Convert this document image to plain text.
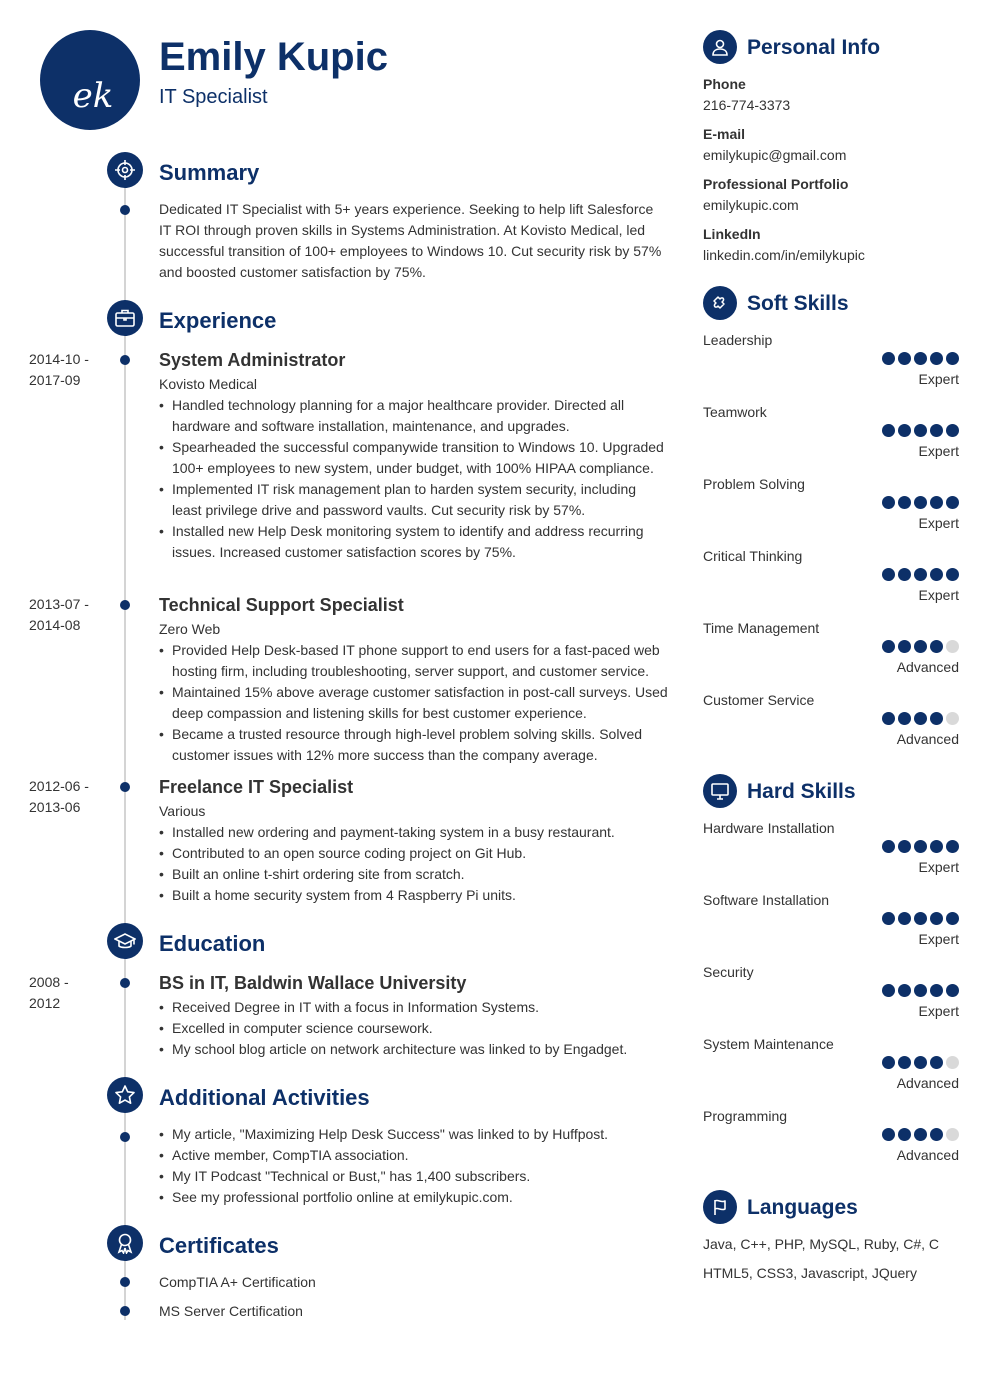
ek
Emily Kupic
IT Specialist
Summary
Dedicated IT Specialist with 5+ years experience. Seeking to help lift Salesforce IT ROI through proven skills in Systems Administration. At Kovisto Medical, led successful transition of 100+ employees to Windows 10. Cut security risk by 57% and boosted customer satisfaction by 75%.
Experience
2014-10 -
2017-09
System Administrator
Kovisto Medical
• Handled technology planning for a major healthcare provider. Directed all hardware and software installation, maintenance, and upgrades.
• Spearheaded the successful companywide transition to Windows 10. Upgraded 100+ employees to new system, under budget, with 100% HIPAA compliance.
• Implemented IT risk management plan to harden system security, including least privilege drive and password vaults. Cut security risk by 57%.
• Installed new Help Desk monitoring system to identify and address recurring issues. Increased customer satisfaction scores by 75%.
2013-07 -
2014-08
Technical Support Specialist
Zero Web
• Provided Help Desk-based IT phone support to end users for a fast-paced web hosting firm, including troubleshooting, server support, and customer service.
• Maintained 15% above average customer satisfaction in post-call surveys. Used deep compassion and listening skills for best customer experience.
• Became a trusted resource through high-level problem solving skills. Solved customer issues with 12% more success than the company average.
2012-06 -
2013-06
Freelance IT Specialist
Various
• Installed new ordering and payment-taking system in a busy restaurant.
• Contributed to an open source coding project on Git Hub.
• Built an online t-shirt ordering site from scratch.
• Built a home security system from 4 Raspberry Pi units.
Education
2008 -
2012
BS in IT, Baldwin Wallace University
• Received Degree in IT with a focus in Information Systems.
• Excelled in computer science coursework.
• My school blog article on network architecture was linked to by Engadget.
Additional Activities
• My article, "Maximizing Help Desk Success" was linked to by Huffpost.
• Active member, CompTIA association.
• My IT Podcast "Technical or Bust," has 1,400 subscribers.
• See my professional portfolio online at emilykupic.com.
Certificates
CompTIA A+ Certification
MS Server Certification
Personal Info
Phone
216-774-3373
E-mail
emilykupic@gmail.com
Professional Portfolio
emilykupic.com
LinkedIn
linkedin.com/in/emilykupic
Soft Skills
Leadership
Expert
Teamwork
Expert
Problem Solving
Expert
Critical Thinking
Expert
Time Management
Advanced
Customer Service
Advanced
Hard Skills
Hardware Installation
Expert
Software Installation
Expert
Security
Expert
System Maintenance
Advanced
Programming
Advanced
Languages
Java, C++, PHP, MySQL, Ruby, C#, C
HTML5, CSS3, Javascript, JQuery
